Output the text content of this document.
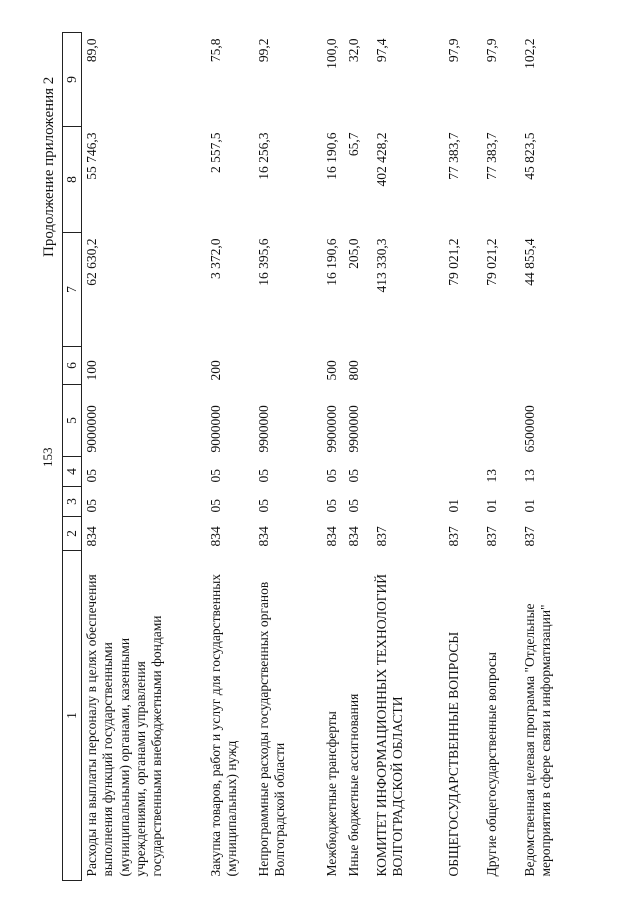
153
Продолжение приложения 2
1	2	3	4	5	6	7	8	9
Расходы на выплаты персоналу в целях обеспечения выполнения функций государственными (муниципальными) органами, казенными учреждениями, органами управления государственными внебюджетными фондами	834	05	05	9000000	100	62 630,2	55 746,3	89,0
Закупка товаров, работ и услуг для государственных (муниципальных) нужд	834	05	05	9000000	200	3 372,0	2 557,5	75,8
Непрограммные расходы государственных органов Волгоградской области	834	05	05	9900000		16 395,6	16 256,3	99,2
Межбюджетные трансферты	834	05	05	9900000	500	16 190,6	16 190,6	100,0
Иные бюджетные ассигнования	834	05	05	9900000	800	205,0	65,7	32,0
КОМИТЕТ ИНФОРМАЦИОННЫХ ТЕХНОЛОГИЙ ВОЛГОГРАДСКОЙ ОБЛАСТИ	837					413 330,3	402 428,2	97,4
ОБЩЕГОСУДАРСТВЕННЫЕ ВОПРОСЫ	837	01				79 021,2	77 383,7	97,9
Другие общегосударственные вопросы	837	01	13			79 021,2	77 383,7	97,9
Ведомственная целевая программа "Отдельные мероприятия в сфере связи и информатизации"	837	01	13	6500000		44 855,4	45 823,5	102,2
